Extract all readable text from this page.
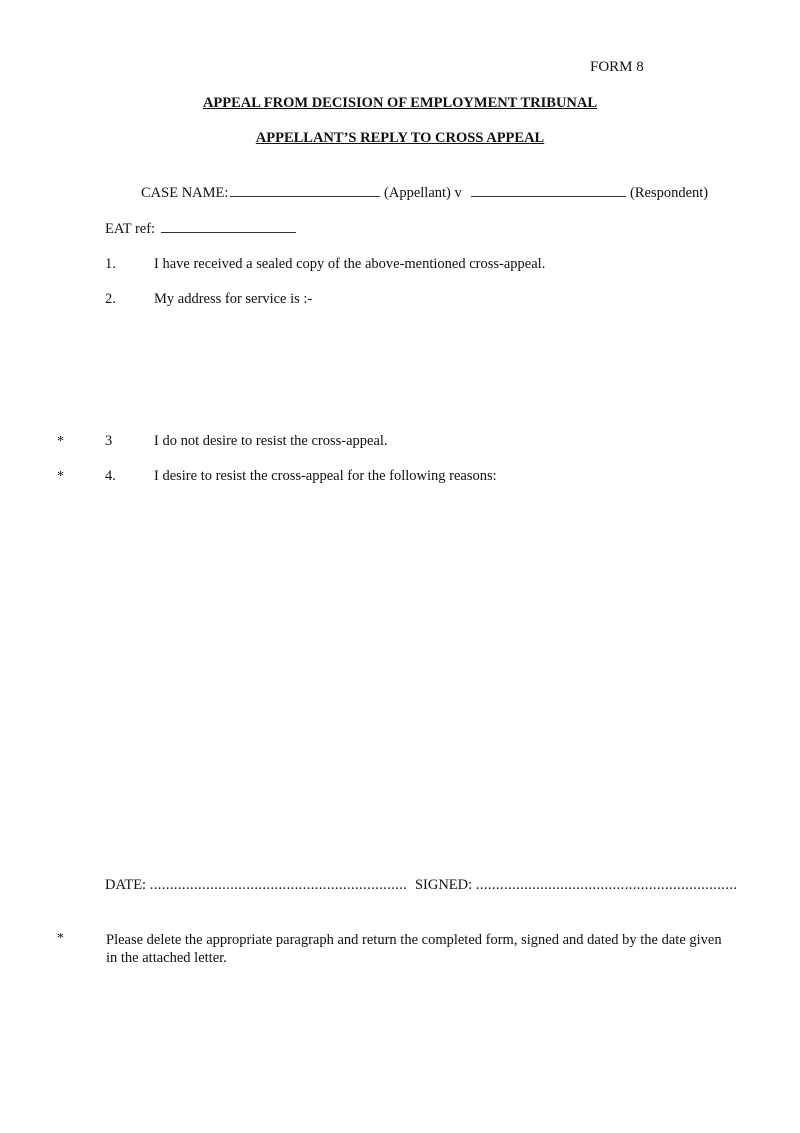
FORM 8
APPEAL FROM DECISION OF EMPLOYMENT TRIBUNAL
APPELLANT’S REPLY TO CROSS APPEAL
CASE NAME:	(Appellant) v	(Respondent)
EAT ref:
1.	I have received a sealed copy of the above-mentioned cross-appeal.
2.	My address for service is :-
*	3	I do not desire to resist the cross-appeal.
*	4.	I desire to resist the cross-appeal for the following reasons:
DATE: ................................................................ SIGNED: .................................................................
*	Please delete the appropriate paragraph and return the completed form, signed and dated by the date given in the attached letter.
